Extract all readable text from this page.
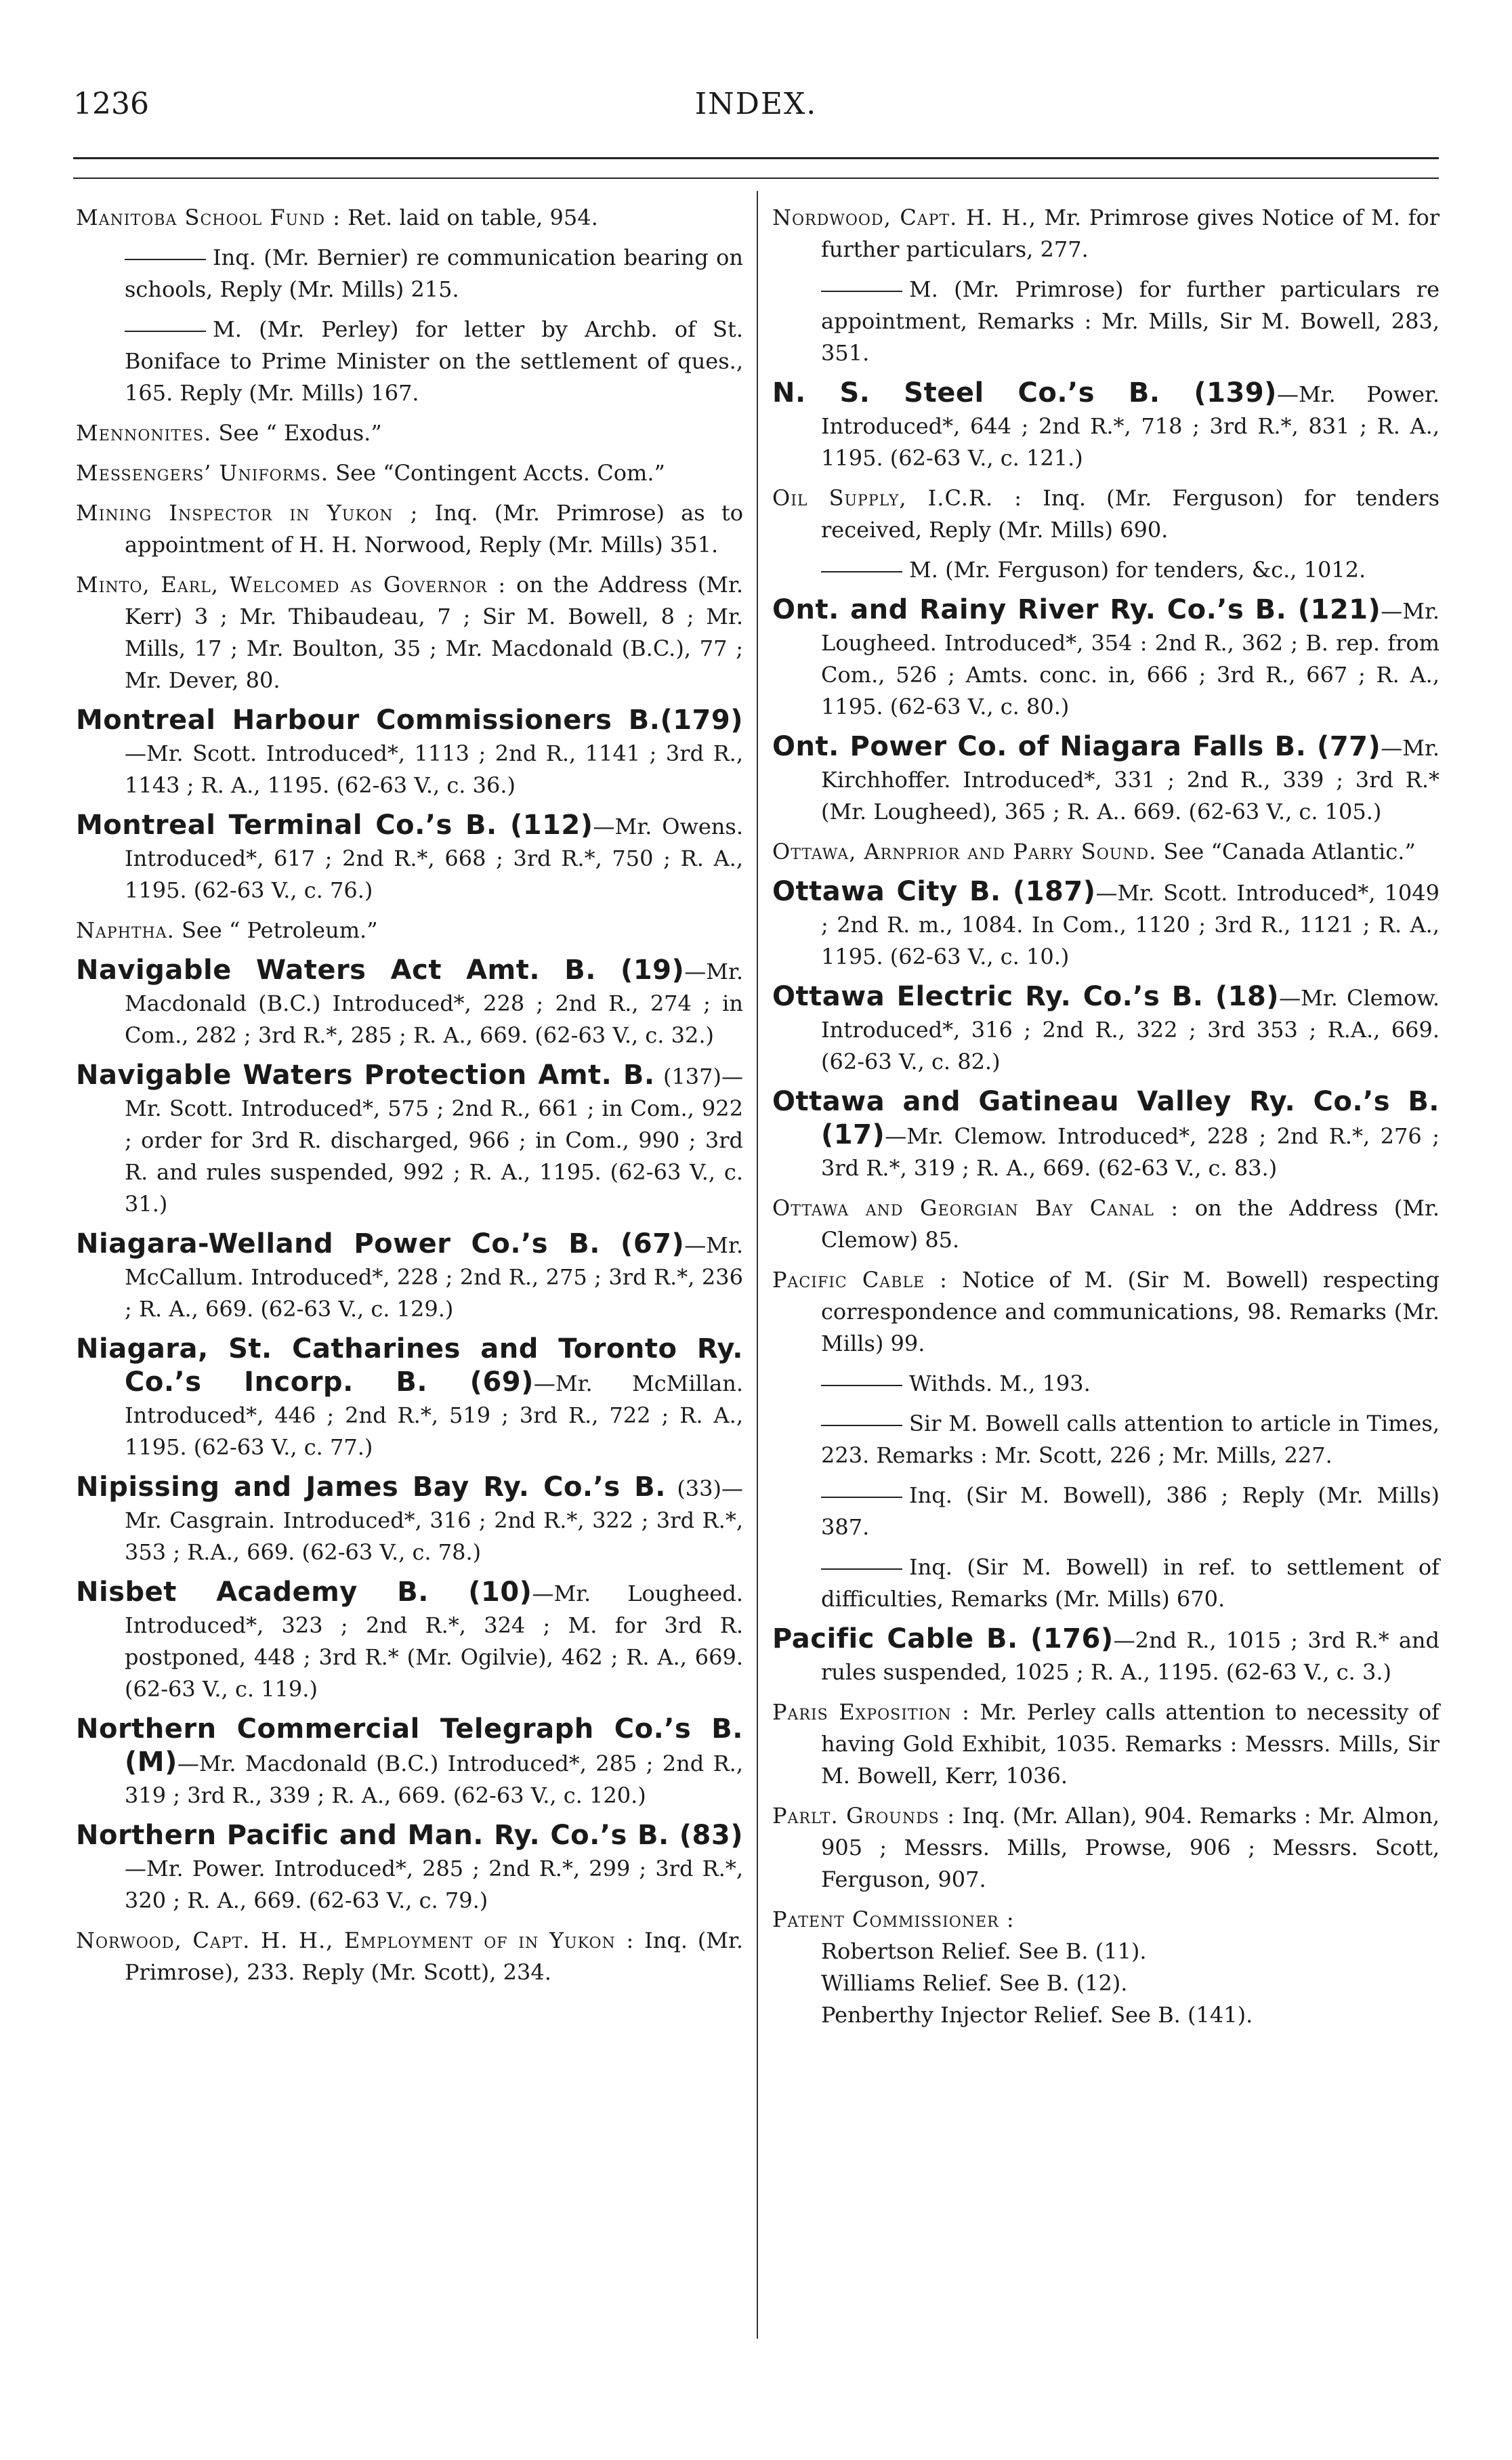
1236	INDEX.
Manitoba School Fund : Ret. laid on table, 954.
Inq. (Mr. Bernier) re communication bearing on schools, Reply (Mr. Mills) 215.
M. (Mr. Perley) for letter by Archb. of St. Boniface to Prime Minister on the settlement of ques., 165. Reply (Mr. Mills) 167.
Mennonites. See “ Exodus.”
Messengers’ Uniforms. See “Contingent Accts. Com.”
Mining Inspector in Yukon ; Inq. (Mr. Primrose) as to appointment of H. H. Norwood, Reply (Mr. Mills) 351.
Minto, Earl, Welcomed as Governor : on the Address (Mr. Kerr) 3 ; Mr. Thibaudeau, 7 ; Sir M. Bowell, 8 ; Mr. Mills, 17 ; Mr. Boulton, 35 ; Mr. Macdonald (B.C.), 77 ; Mr. Dever, 80.
Montreal Harbour Commissioners B.(179) —Mr. Scott. Introduced*, 1113 ; 2nd R., 1141 ; 3rd R., 1143 ; R. A., 1195. (62-63 V., c. 36.)
Montreal Terminal Co.’s B. (112)—Mr. Owens. Introduced*, 617 ; 2nd R.*, 668 ; 3rd R.*, 750 ; R. A., 1195. (62-63 V., c. 76.)
Naphtha. See “ Petroleum.”
Navigable Waters Act Amt. B. (19)—Mr. Macdonald (B.C.) Introduced*, 228 ; 2nd R., 274 ; in Com., 282 ; 3rd R.*, 285 ; R. A., 669. (62-63 V., c. 32.)
Navigable Waters Protection Amt. B. (137)—Mr. Scott. Introduced*, 575 ; 2nd R., 661 ; in Com., 922 ; order for 3rd R. discharged, 966 ; in Com., 990 ; 3rd R. and rules suspended, 992 ; R. A., 1195. (62-63 V., c. 31.)
Niagara-Welland Power Co.’s B. (67)—Mr. McCallum. Introduced*, 228 ; 2nd R., 275 ; 3rd R.*, 236 ; R. A., 669. (62-63 V., c. 129.)
Niagara, St. Catharines and Toronto Ry. Co.’s Incorp. B. (69)—Mr. McMillan. Introduced*, 446 ; 2nd R.*, 519 ; 3rd R., 722 ; R. A., 1195. (62-63 V., c. 77.)
Nipissing and James Bay Ry. Co.’s B. (33)—Mr. Casgrain. Introduced*, 316 ; 2nd R.*, 322 ; 3rd R.*, 353 ; R.A., 669. (62-63 V., c. 78.)
Nisbet Academy B. (10)—Mr. Lougheed. Introduced*, 323 ; 2nd R.*, 324 ; M. for 3rd R. postponed, 448 ; 3rd R.* (Mr. Ogilvie), 462 ; R. A., 669. (62-63 V., c. 119.)
Northern Commercial Telegraph Co.’s B. (M)—Mr. Macdonald (B.C.) Introduced*, 285 ; 2nd R., 319 ; 3rd R., 339 ; R. A., 669. (62-63 V., c. 120.)
Northern Pacific and Man. Ry. Co.’s B. (83)—Mr. Power. Introduced*, 285 ; 2nd R.*, 299 ; 3rd R.*, 320 ; R. A., 669. (62-63 V., c. 79.)
Norwood, Capt. H. H., Employment of in Yukon : Inq. (Mr. Primrose), 233. Reply (Mr. Scott), 234.
Nordwood, Capt. H. H., Mr. Primrose gives Notice of M. for further particulars, 277.
M. (Mr. Primrose) for further particulars re appointment, Remarks : Mr. Mills, Sir M. Bowell, 283, 351.
N. S. Steel Co.’s B. (139)—Mr. Power. Introduced*, 644 ; 2nd R.*, 718 ; 3rd R.*, 831 ; R. A., 1195. (62-63 V., c. 121.)
Oil Supply, I.C.R. : Inq. (Mr. Ferguson) for tenders received, Reply (Mr. Mills) 690.
M. (Mr. Ferguson) for tenders, &c., 1012.
Ont. and Rainy River Ry. Co.’s B. (121)—Mr. Lougheed. Introduced*, 354 : 2nd R., 362 ; B. rep. from Com., 526 ; Amts. conc. in, 666 ; 3rd R., 667 ; R. A., 1195. (62-63 V., c. 80.)
Ont. Power Co. of Niagara Falls B. (77)—Mr. Kirchhoffer. Introduced*, 331 ; 2nd R., 339 ; 3rd R.* (Mr. Lougheed), 365 ; R. A.. 669. (62-63 V., c. 105.)
Ottawa, Arnprior and Parry Sound. See “Canada Atlantic.”
Ottawa City B. (187)—Mr. Scott. Introduced*, 1049 ; 2nd R. m., 1084. In Com., 1120 ; 3rd R., 1121 ; R. A., 1195. (62-63 V., c. 10.)
Ottawa Electric Ry. Co.’s B. (18)—Mr. Clemow. Introduced*, 316 ; 2nd R., 322 ; 3rd 353 ; R.A., 669. (62-63 V., c. 82.)
Ottawa and Gatineau Valley Ry. Co.’s B. (17)—Mr. Clemow. Introduced*, 228 ; 2nd R.*, 276 ; 3rd R.*, 319 ; R. A., 669. (62-63 V., c. 83.)
Ottawa and Georgian Bay Canal : on the Address (Mr. Clemow) 85.
Pacific Cable : Notice of M. (Sir M. Bowell) respecting correspondence and communications, 98. Remarks (Mr. Mills) 99.
Withds. M., 193.
Sir M. Bowell calls attention to article in Times, 223. Remarks : Mr. Scott, 226 ; Mr. Mills, 227.
Inq. (Sir M. Bowell), 386 ; Reply (Mr. Mills) 387.
Inq. (Sir M. Bowell) in ref. to settlement of difficulties, Remarks (Mr. Mills) 670.
Pacific Cable B. (176)—2nd R., 1015 ; 3rd R.* and rules suspended, 1025 ; R. A., 1195. (62-63 V., c. 3.)
Paris Exposition : Mr. Perley calls attention to necessity of having Gold Exhibit, 1035. Remarks : Messrs. Mills, Sir M. Bowell, Kerr, 1036.
Parlt. Grounds : Inq. (Mr. Allan), 904. Remarks : Mr. Almon, 905 ; Messrs. Mills, Prowse, 906 ; Messrs. Scott, Ferguson, 907.
Patent Commissioner :
Robertson Relief. See B. (11).
Williams Relief. See B. (12).
Penberthy Injector Relief. See B. (141).
